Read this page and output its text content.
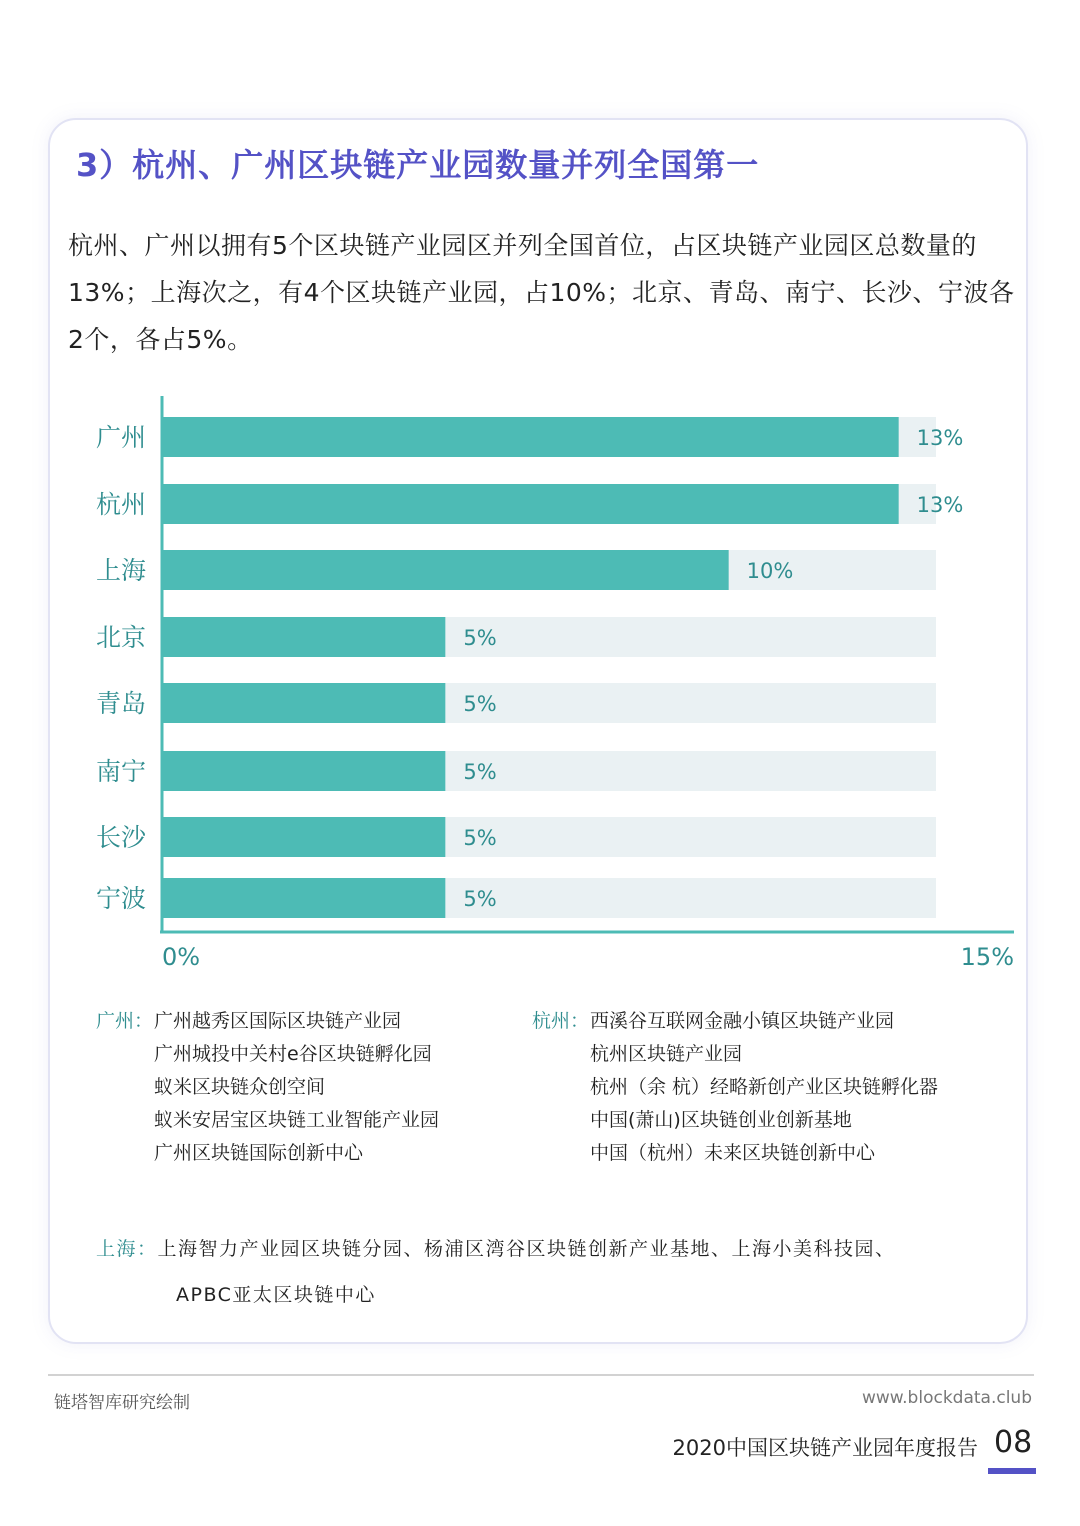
3）杭州、广州区块链产业园数量并列全国第一

杭州、广州以拥有5个区块链产业园区并列全国首位，占区块链产业园区总数量的13%；上海次之，有4个区块链产业园，占10%；北京、青岛、南宁、长沙、宁波各2个，各占5%。

广州	13%
杭州	13%
上海	10%
北京	5%
青岛	5%
南宁	5%
长沙	5%
宁波	5%
0%	15%
广州： 广州越秀区国际区块链产业园
广州城投中关村e谷区块链孵化园
蚁米区块链众创空间
蚁米安居宝区块链工业智能产业园
广州区块链国际创新中心
杭州： 西溪谷互联网金融小镇区块链产业园
杭州区块链产业园
杭州（余 杭）经略新创产业区块链孵化器
中国(萧山)区块链创业创新基地
中国（杭州）未来区块链创新中心
上海：上海智力产业园区块链分园、杨浦区湾谷区块链创新产业基地、上海小美科技园、
APBC亚太区块链中心
链塔智库研究绘制	www.blockdata.club
2020中国区块链产业园年度报告 08
